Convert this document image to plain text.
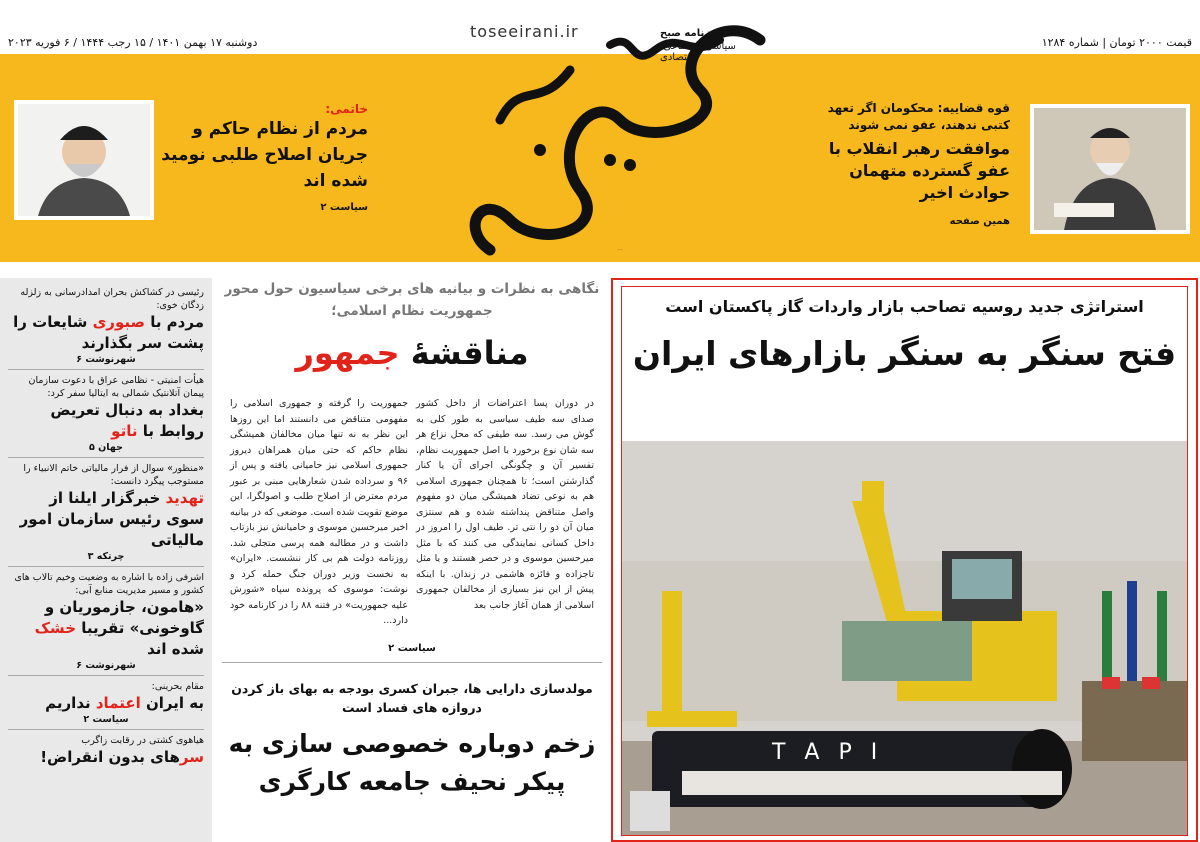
قیمت ۲۰۰۰ تومان | شماره ۱۲۸۴
دوشنبه ۱۷ بهمن ۱۴۰۱ / ۱۵ رجب ۱۴۴۴ / ۶ فوریه ۲۰۲۳
toseeirani.ir	روزنامه صبح
سیاسی، اجتماعی، اقتصادی
توسعه ایرانی
قوه قضاییه: محکومان اگر تعهد کتبی ندهند، عفو نمی شوند
موافقت رهبر انقلاب با عفو گسترده متهمان حوادث اخیر
همین صفحه
خاتمی:
مردم از نظام حاکم و جریان اصلاح طلبی نومید شده اند
سیاست ۲
رئیسی در کشاکش بحران امدادرسانی به زلزله زدگان خوی:
مردم با صبوری شایعات را پشت سر بگذارند
شهرنوشت ۶
هیأت امنیتی - نظامی عراق با دعوت سازمان پیمان آتلانتیک شمالی به ایتالیا سفر کرد:
بغداد به دنبال تعریض روابط با ناتو
جهان ۵
«منظور» سوال از فرار مالیاتی خاتم الانبیاء را مستوجب پیگرد دانست:
تهدید خبرگزار ایلنا از سوی رئیس سازمان امور مالیاتی
چرتکه ۳
اشرفی زاده با اشاره به وضعیت وخیم تالاب های کشور و مسیر مدیریت منابع آبی:
«هامون، جازموریان و گاوخونی» تقریبا خشک شده اند
شهرنوشت ۶
مقام بحرینی:
به ایران اعتماد نداریم
سیاست ۲
هیاهوی کشتی در رقابت زاگرب
سرهای بدون انقراض!
نگاهی به نظرات و بیانیه های برخی سیاسیون حول محور جمهوریت نظام اسلامی؛
مناقشهٔ جمهور
در دوران پسا اعتراضات از داخل کشور صدای سه طیف سیاسی به طور کلی به گوش می رسد. سه طیفی که محل نزاع هر سه شان نوع برخورد با اصل جمهوریت نظام، تفسیر آن و چگونگی اجرای آن یا کنار گذارشتن است؛ تا همچنان جمهوری اسلامی هم به نوعی تضاد همیشگی میان دو مفهوم واصل متناقض پنداشته شده و هم سنتزی میان آن دو را نتی تر. طیف اول را امروز در داخل کسانی نمایندگی می کنند که با مثل میرحسین موسوی و در حصر هستند و یا مثل تاجزاده و فائزه هاشمی در زندان. با اینکه پیش از این نیز بسیاری از مخالفان جمهوری اسلامی از همان آغاز جانب بعد
جمهوریت را گرفته و جمهوری اسلامی را مفهومی متناقض می دانستند اما این روزها این نظر به نه تنها میان مخالفان همیشگی نظام حاکم که حتی میان همراهان دیروز جمهوری اسلامی نیز حامیانی یافته و پس از ۹۶ و سرداده شدن شعارهایی مبنی بر عبور مردم معترض از اصلاح طلب و اصولگرا، این موضع تقویت شده است. موضعی که در بیانیه اخیر میرحسین موسوی و حامیانش نیز بازتاب داشت و در مطالبه همه پرسی متجلی شد. روزنامه دولت هم بی کار ننشست. «ایران» به نخست وزیر دوران جنگ حمله کرد و نوشت: موسوی که پرونده سپاه «شورش علیه جمهوریت» در فتنه ۸۸ را در کارنامه خود دارد...
سیاست ۲
مولدسازی دارایی ها، جبران کسری بودجه به بهای باز کردن دروازه های فساد است
زخم دوباره خصوصی سازی به پیکر نحیف جامعه کارگری
استراتژی جدید روسیه تصاحب بازار واردات گاز پاکستان است
فتح سنگر به سنگر بازارهای ایران
T A P I
